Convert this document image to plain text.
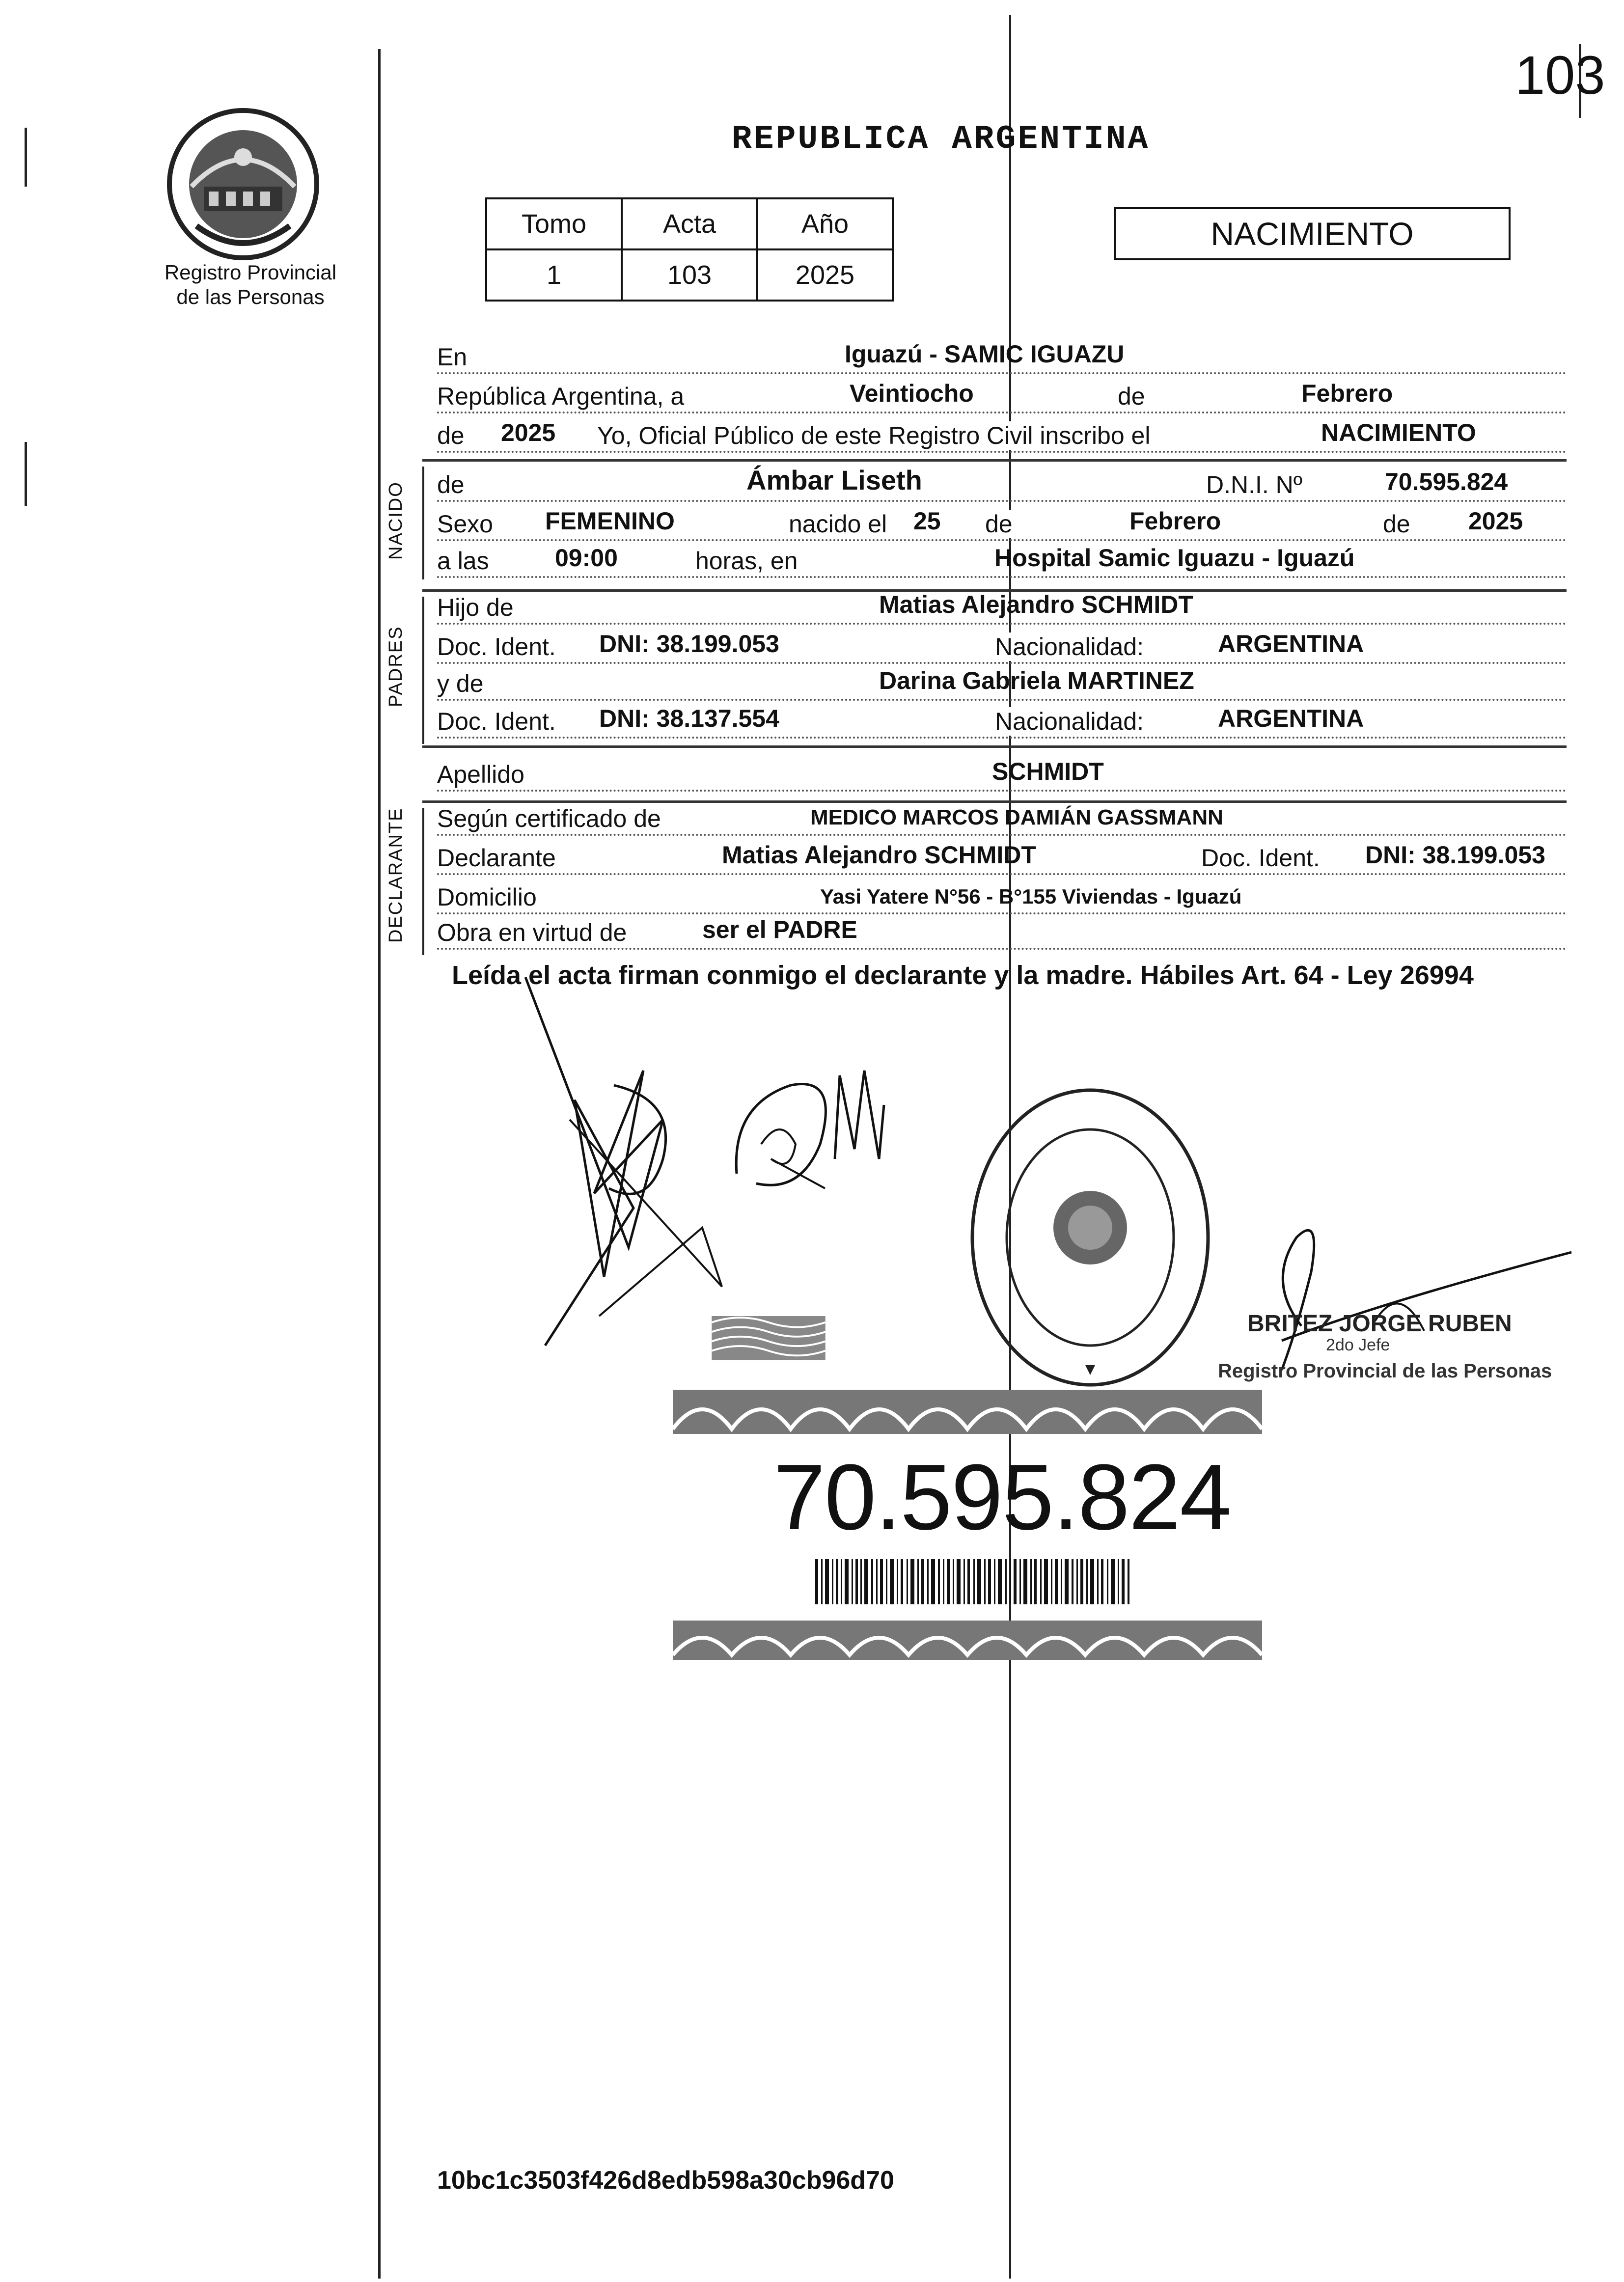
103
Registro Provincial
de las Personas
REPUBLICA ARGENTINA
Tomo	Acta	Año
1	103	2025
NACIMIENTO
En	Iguazú - SAMIC IGUAZU
República Argentina, a	Veintiocho	de	Febrero
de 2025 Yo, Oficial Público de este Registro Civil inscribo el	NACIMIENTO
NACIDO de	Ámbar Liseth	D.N.I. Nº	70.595.824
Sexo FEMENINO	nacido el 25 de	Febrero	de 2025
a las	09:00	horas, en	Hospital Samic Iguazu - Iguazú
PADRES
Hijo de	Matias Alejandro SCHMIDT
Doc. Ident. DNI: 38.199.053	Nacionalidad:	ARGENTINA
y de	Darina Gabriela MARTINEZ
Doc. Ident. DNI: 38.137.554	Nacionalidad:	ARGENTINA
Apellido	SCHMIDT
DECLARANTE Según certificado de	MEDICO MARCOS DAMIÁN GASSMANN
Declarante	Matias Alejandro SCHMIDT	Doc. Ident. DNI: 38.199.053
Domicilio	Yasi Yatere N°56 - B°155 Viviendas - Iguazú
Obra en virtud de	ser el PADRE
Leída el acta firman conmigo el declarante y la madre. Hábiles Art. 64 - Ley 26994
BRITEZ JORGE RUBEN
2do Jefe
Registro Provincial de las Personas
70.595.824
10bc1c3503f426d8edb598a30cb96d70
